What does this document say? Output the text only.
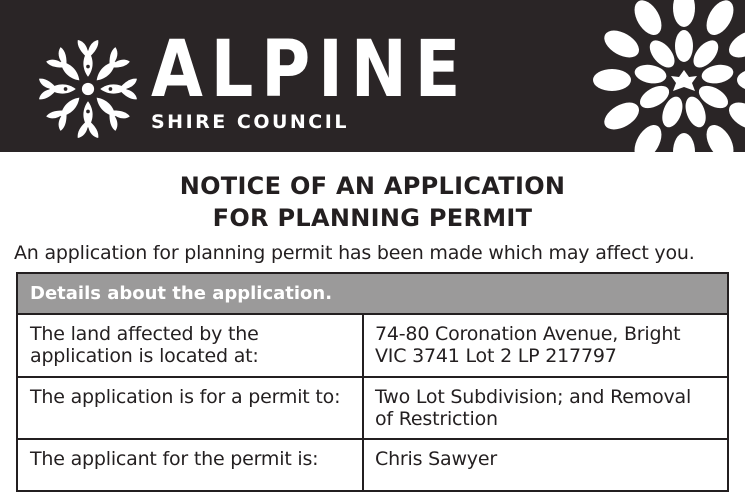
ALPINE
SHIRE COUNCIL
NOTICE OF AN APPLICATION
FOR PLANNING PERMIT
An application for planning permit has been made which may affect you.
Details about the application.
The land affected by the
application is located at:
74-80 Coronation Avenue, Bright
VIC 3741 Lot 2 LP 217797
The application is for a permit to:	Two Lot Subdivision; and Removal
of Restriction
The applicant for the permit is:	Chris Sawyer
